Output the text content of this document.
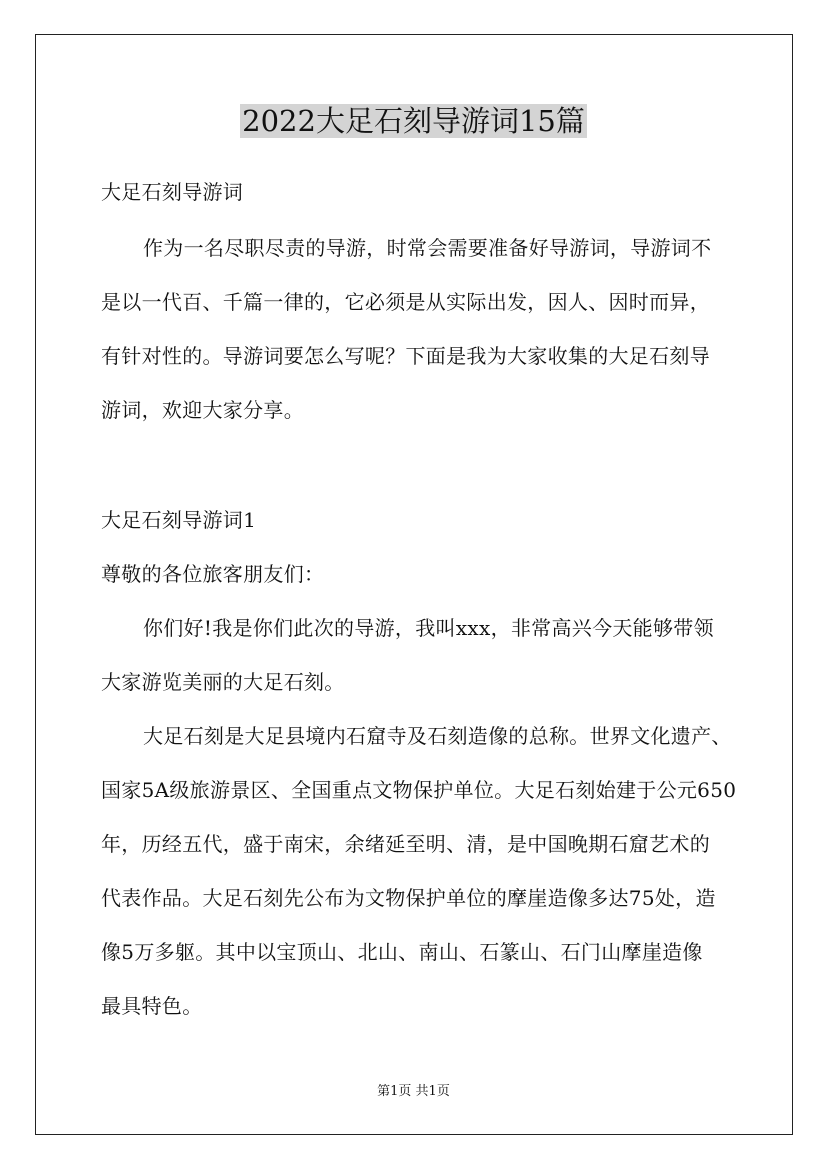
2022大足石刻导游词15篇
大足石刻导游词
作为一名尽职尽责的导游，时常会需要准备好导游词，导游词不
是以一代百、千篇一律的，它必须是从实际出发，因人、因时而异，
有针对性的。导游词要怎么写呢？下面是我为大家收集的大足石刻导
游词，欢迎大家分享。
大足石刻导游词1
尊敬的各位旅客朋友们：
你们好!我是你们此次的导游，我叫xxx，非常高兴今天能够带领
大家游览美丽的大足石刻。
大足石刻是大足县境内石窟寺及石刻造像的总称。世界文化遗产、
国家5A级旅游景区、全国重点文物保护单位。大足石刻始建于公元650
年，历经五代，盛于南宋，余绪延至明、清，是中国晚期石窟艺术的
代表作品。大足石刻先公布为文物保护单位的摩崖造像多达75处，造
像5万多躯。其中以宝顶山、北山、南山、石篆山、石门山摩崖造像
最具特色。
第1页 共1页
